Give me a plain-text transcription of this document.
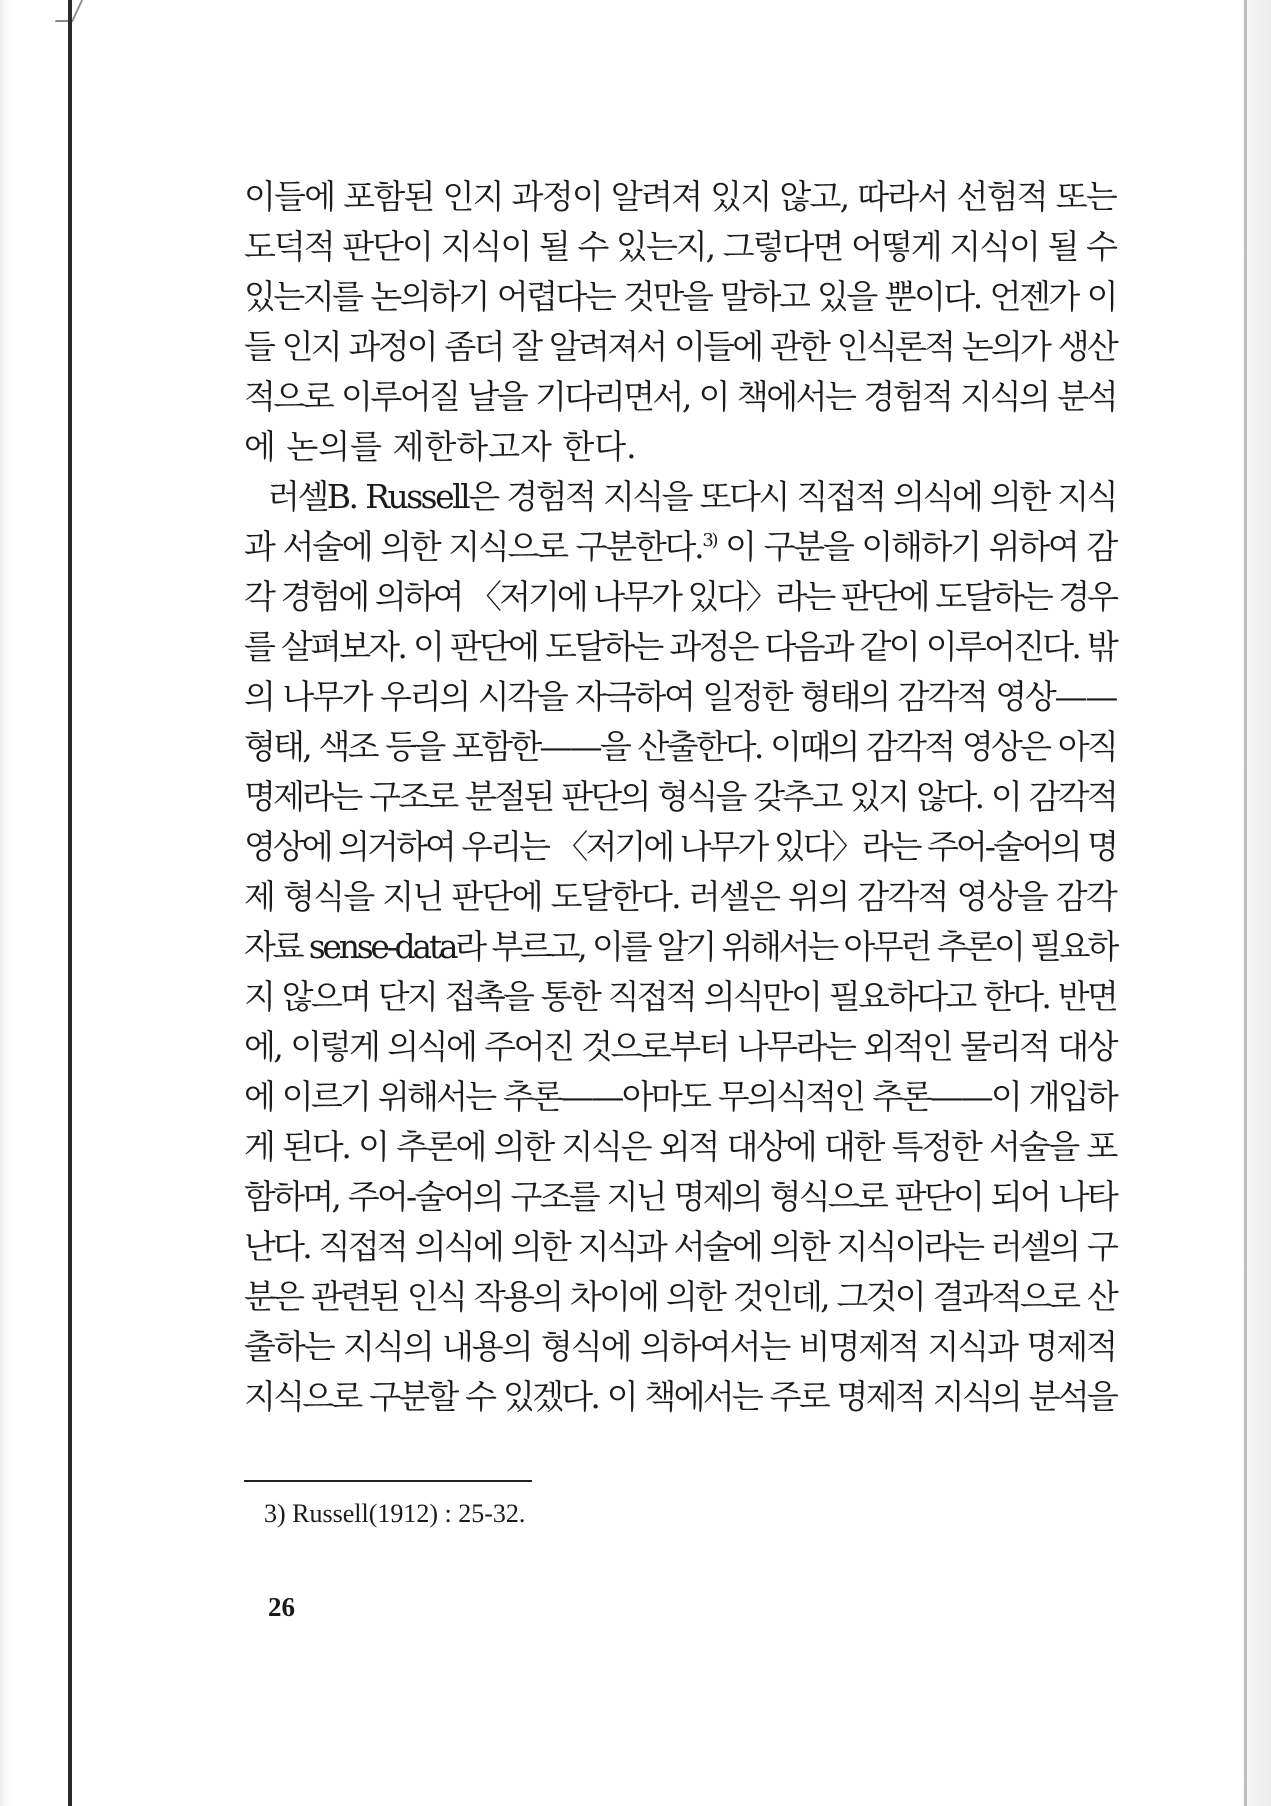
이들에 포함된 인지 과정이 알려져 있지 않고, 따라서 선험적 또는
도덕적 판단이 지식이 될 수 있는지, 그렇다면 어떻게 지식이 될 수
있는지를 논의하기 어렵다는 것만을 말하고 있을 뿐이다. 언젠가 이
들 인지 과정이 좀더 잘 알려져서 이들에 관한 인식론적 논의가 생산
적으로 이루어질 날을 기다리면서, 이 책에서는 경험적 지식의 분석
에 논의를 제한하고자 한다.
러셀B. Russell은 경험적 지식을 또다시 직접적 의식에 의한 지식
과 서술에 의한 지식으로 구분한다.$^{3)}$ 이 구분을 이해하기 위하여 감
각 경험에 의하여 〈저기에 나무가 있다〉라는 판단에 도달하는 경우
를 살펴보자. 이 판단에 도달하는 과정은 다음과 같이 이루어진다. 밖
의 나무가 우리의 시각을 자극하여 일정한 형태의 감각적 영상——
형태, 색조 등을 포함한——을 산출한다. 이때의 감각적 영상은 아직
명제라는 구조로 분절된 판단의 형식을 갖추고 있지 않다. 이 감각적
영상에 의거하여 우리는 〈저기에 나무가 있다〉라는 주어-술어의 명
제 형식을 지닌 판단에 도달한다. 러셀은 위의 감각적 영상을 감각
자료 sense-data라 부르고, 이를 알기 위해서는 아무런 추론이 필요하
지 않으며 단지 접촉을 통한 직접적 의식만이 필요하다고 한다. 반면
에, 이렇게 의식에 주어진 것으로부터 나무라는 외적인 물리적 대상
에 이르기 위해서는 추론——아마도 무의식적인 추론——이 개입하
게 된다. 이 추론에 의한 지식은 외적 대상에 대한 특정한 서술을 포
함하며, 주어-술어의 구조를 지닌 명제의 형식으로 판단이 되어 나타
난다. 직접적 의식에 의한 지식과 서술에 의한 지식이라는 러셀의 구
분은 관련된 인식 작용의 차이에 의한 것인데, 그것이 결과적으로 산
출하는 지식의 내용의 형식에 의하여서는 비명제적 지식과 명제적
지식으로 구분할 수 있겠다. 이 책에서는 주로 명제적 지식의 분석을
3) Russell(1912) : 25-32.
26
